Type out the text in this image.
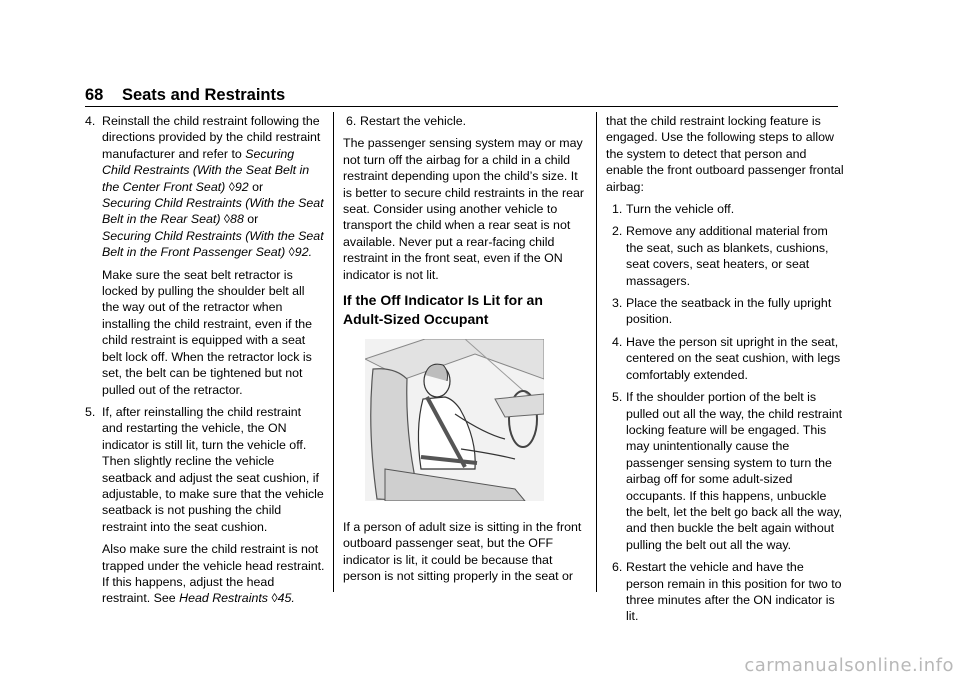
68 Seats and Restraints
4. Reinstall the child restraint following the directions provided by the child restraint manufacturer and refer to Securing Child Restraints (With the Seat Belt in the Center Front Seat) ◊92 or
Securing Child Restraints (With the Seat Belt in the Rear Seat) ◊88 or
Securing Child Restraints (With the Seat Belt in the Front Passenger Seat) ◊92.

Make sure the seat belt retractor is locked by pulling the shoulder belt all the way out of the retractor when installing the child restraint, even if the child restraint is equipped with a seat belt lock off. When the retractor lock is set, the belt can be tightened but not pulled out of the retractor.

5. If, after reinstalling the child restraint and restarting the vehicle, the ON indicator is still lit, turn the vehicle off. Then slightly recline the vehicle seatback and adjust the seat cushion, if adjustable, to make sure that the vehicle seatback is not pushing the child restraint into the seat cushion.

Also make sure the child restraint is not trapped under the vehicle head restraint. If this happens, adjust the head restraint. See Head Restraints ◊45.

6. Restart the vehicle.

The passenger sensing system may or may not turn off the airbag for a child in a child restraint depending upon the child’s size. It is better to secure child restraints in the rear seat. Consider using another vehicle to transport the child when a rear seat is not available. Never put a rear-facing child restraint in the front seat, even if the ON indicator is not lit.

If the Off Indicator Is Lit for an Adult-Sized Occupant

If a person of adult size is sitting in the front outboard passenger seat, but the OFF indicator is lit, it could be because that person is not sitting properly in the seat or

that the child restraint locking feature is engaged. Use the following steps to allow the system to detect that person and enable the front outboard passenger frontal airbag:

1. Turn the vehicle off.
2. Remove any additional material from the seat, such as blankets, cushions, seat covers, seat heaters, or seat massagers.
3. Place the seatback in the fully upright position.
4. Have the person sit upright in the seat, centered on the seat cushion, with legs comfortably extended.
5. If the shoulder portion of the belt is pulled out all the way, the child restraint locking feature will be engaged. This may unintentionally cause the passenger sensing system to turn the airbag off for some adult-sized occupants. If this happens, unbuckle the belt, let the belt go back all the way, and then buckle the belt again without pulling the belt out all the way.
6. Restart the vehicle and have the person remain in this position for two to three minutes after the ON indicator is lit.
carmanualsonline.info
